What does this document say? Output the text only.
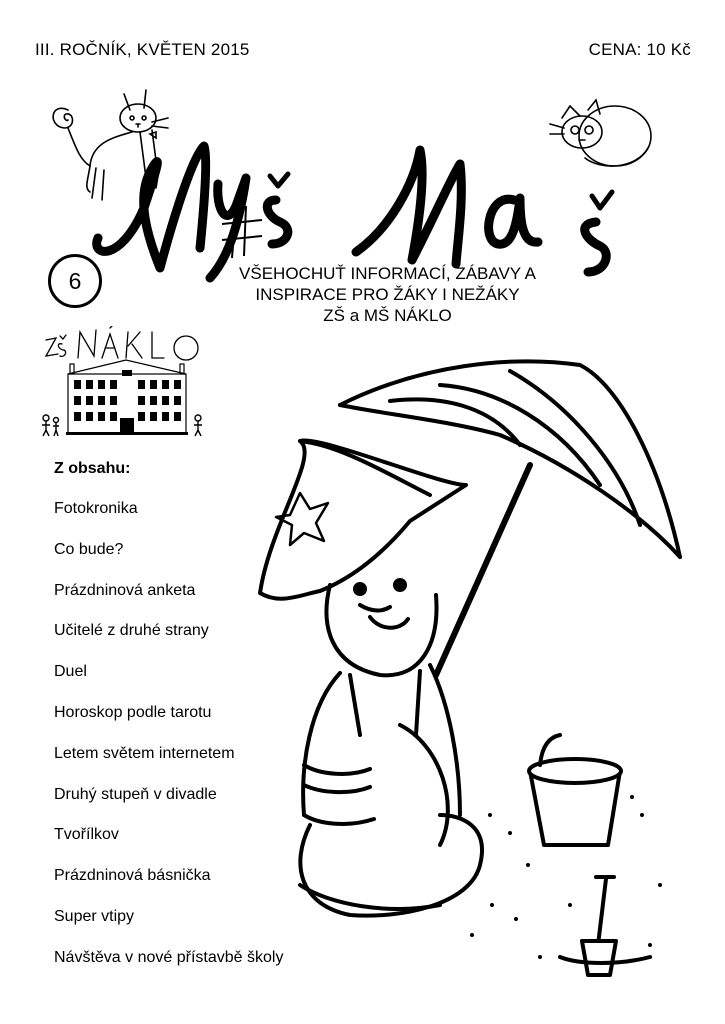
III. ROČNÍK, KVĚTEN 2015	CENA: 10 Kč
6	VŠEHOCHUŤ INFORMACÍ, ZÁBAVY A
INSPIRACE PRO ŽÁKY I NEŽÁKY
ZŠ a MŠ NÁKLO
Z obsahu:
Fotokronika
Co bude?
Prázdninová anketa
Učitelé z druhé strany
Duel
Horoskop podle tarotu
Letem světem internetem
Druhý stupeň v divadle
Tvořílkov
Prázdninová básnička
Super vtipy
Návštěva v nové přístavbě školy
